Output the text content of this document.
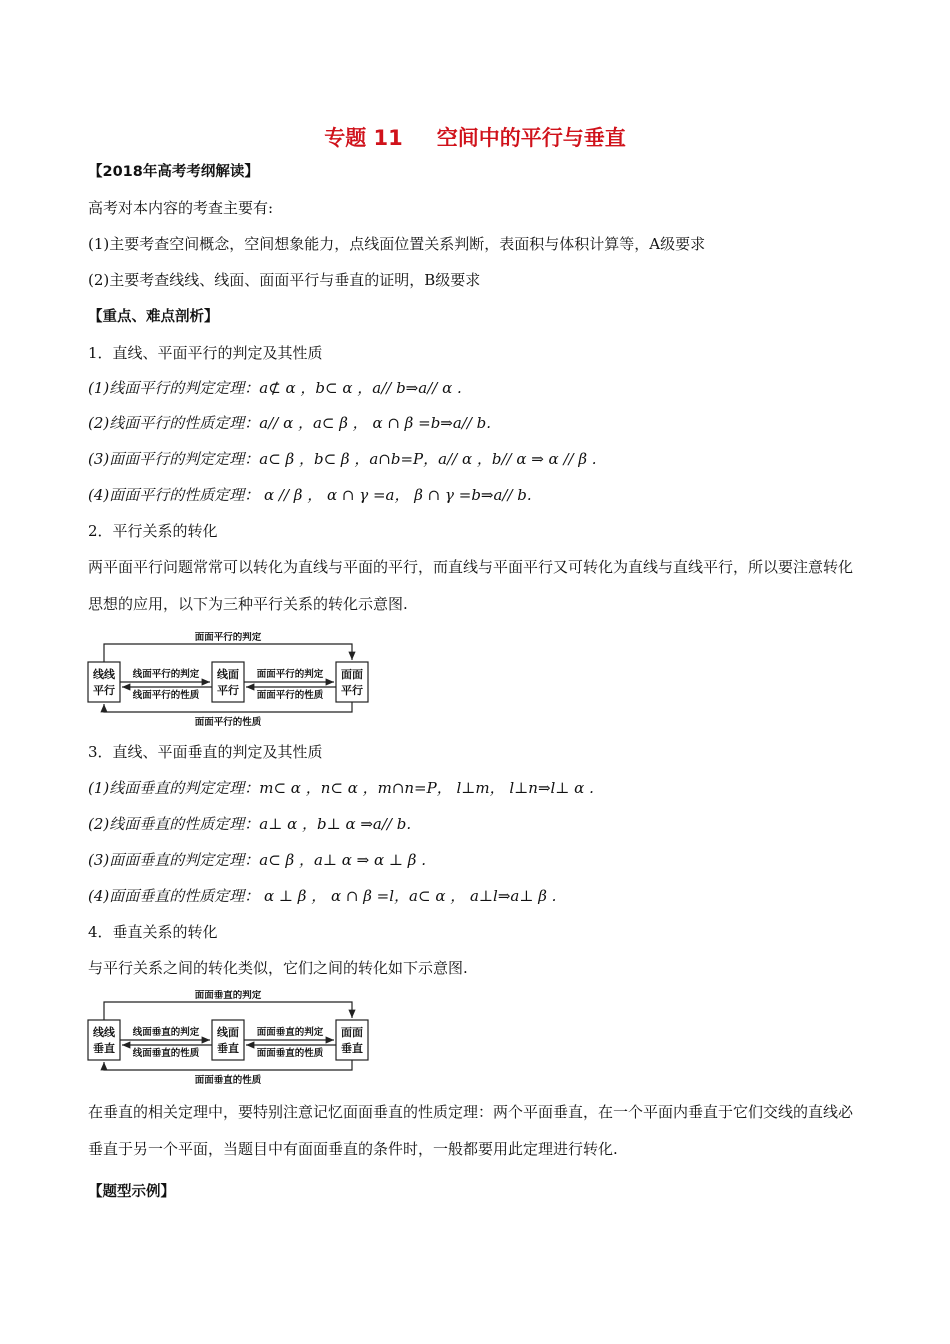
专题 11 空间中的平行与垂直
【2018年高考考纲解读】
高考对本内容的考查主要有:
(1)主要考查空间概念，空间想象能力，点线面位置关系判断，表面积与体积计算等，A级要求
(2)主要考查线线、线面、面面平行与垂直的证明，B级要求
【重点、难点剖析】
1．直线、平面平行的判定及其性质
(1)线面平行的判定定理：a⊄ α ，b⊂ α ，a// b⇒a// α .
(2)线面平行的性质定理：a// α ，a⊂ β ， α ∩ β =b⇒a// b.
(3)面面平行的判定定理：a⊂ β ，b⊂ β ，a∩b=P，a// α ，b// α ⇒ α // β .
(4)面面平行的性质定理： α // β ， α ∩ γ =a， β ∩ γ =b⇒a// b.
2．平行关系的转化
两平面平行问题常常可以转化为直线与平面的平行，而直线与平面平行又可转化为直线与直线平行，所以要注意转化思想的应用，以下为三种平行关系的转化示意图.
线线
平行
线面
平行
面面
平行
线面平行的判定
线面平行的性质
面面平行的判定
面面平行的性质
面面平行的判定
面面平行的性质
3．直线、平面垂直的判定及其性质
(1)线面垂直的判定定理：m⊂ α ，n⊂ α ，m∩n=P， l⊥m， l⊥n⇒l⊥ α .
(2)线面垂直的性质定理：a⊥ α ，b⊥ α ⇒a// b.
(3)面面垂直的判定定理：a⊂ β ，a⊥ α ⇒ α ⊥ β .
(4)面面垂直的性质定理： α ⊥ β ， α ∩ β =l，a⊂ α ， a⊥l⇒a⊥ β .
4．垂直关系的转化
与平行关系之间的转化类似，它们之间的转化如下示意图.
线线
垂直
线面
垂直
面面
垂直
线面垂直的判定
线面垂直的性质
面面垂直的判定
面面垂直的性质
面面垂直的判定
面面垂直的性质
在垂直的相关定理中，要特别注意记忆面面垂直的性质定理：两个平面垂直，在一个平面内垂直于它们交线的直线必垂直于另一个平面，当题目中有面面垂直的条件时，一般都要用此定理进行转化.
【题型示例】
